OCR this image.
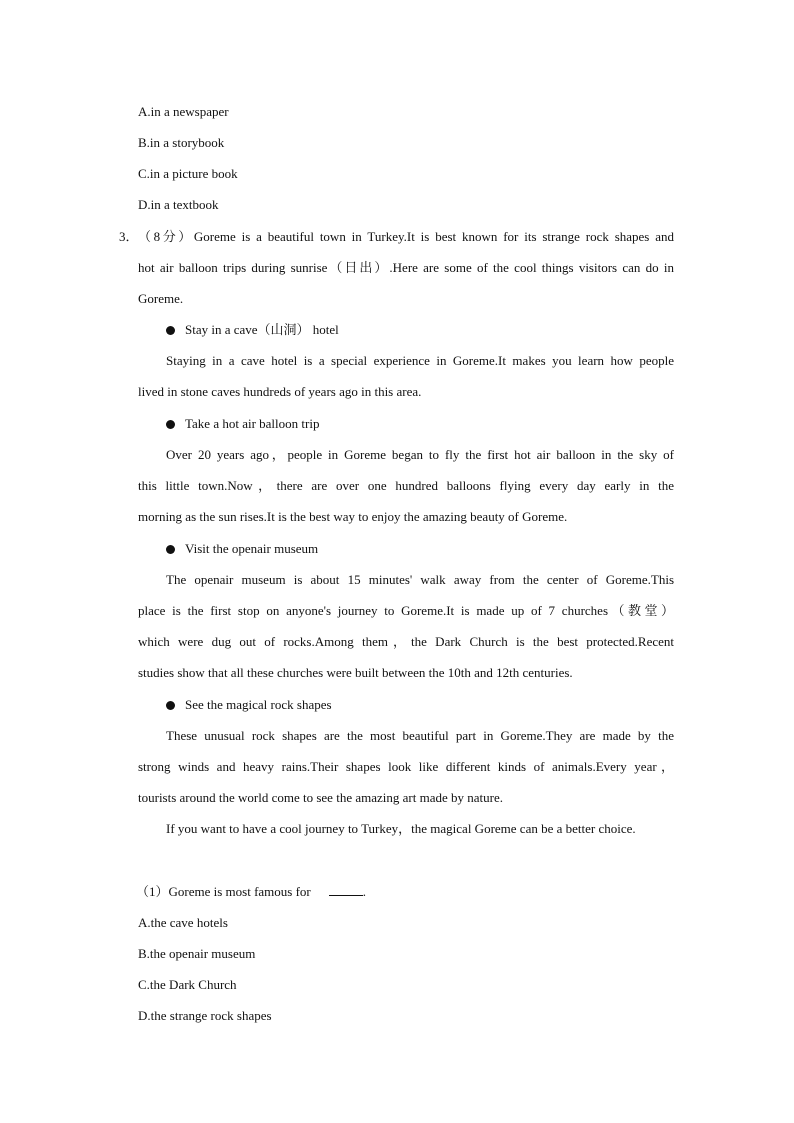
A.in a newspaper
B.in a storybook
C.in a picture book
D.in a textbook
3． （8分）Goreme is a beautiful town in Turkey.It is best known for its strange rock shapes and
hot air balloon trips during sunrise（日出）.Here are some of the cool things visitors can do in
Goreme.
Stay in a cave（山洞） hotel
Staying in a cave hotel is a special experience in Goreme.It makes you learn how people
lived in stone caves hundreds of years ago in this area.
Take a hot air balloon trip
Over 20 years ago，people in Goreme began to fly the first hot air balloon in the sky of
this little town.Now，there are over one hundred balloons flying every day early in the
morning as the sun rises.It is the best way to enjoy the amazing beauty of Goreme.
Visit the openair museum
The openair museum is about 15 minutes' walk away from the center of Goreme.This
place is the first stop on anyone's journey to Goreme.It is made up of 7 churches（教堂）
which were dug out of rocks.Among them，the Dark Church is the best protected.Recent
studies show that all these churches were built between the 10th and 12th centuries.
See the magical rock shapes
These unusual rock shapes are the most beautiful part in Goreme.They are made by the
strong winds and heavy rains.Their shapes look like different kinds of animals.Every year，
tourists around the world come to see the amazing art made by nature.
If you want to have a cool journey to Turkey，the magical Goreme can be a better choice.
（1）Goreme is most famous for	.
A.the cave hotels
B.the openair museum
C.the Dark Church
D.the strange rock shapes
